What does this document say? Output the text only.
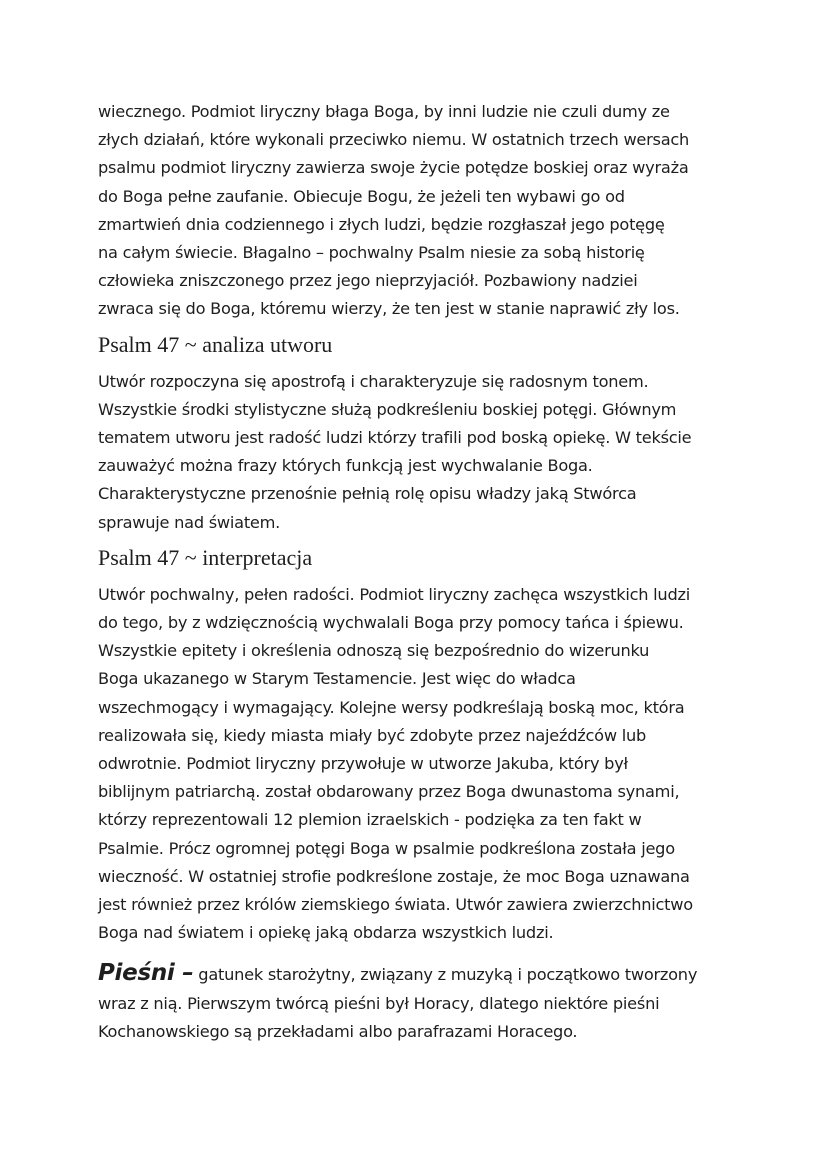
wiecznego. Podmiot liryczny błaga Boga, by inni ludzie nie czuli dumy ze
złych działań, które wykonali przeciwko niemu. W ostatnich trzech wersach
psalmu podmiot liryczny zawierza swoje życie potędze boskiej oraz wyraża
do Boga pełne zaufanie. Obiecuje Bogu, że jeżeli ten wybawi go od
zmartwień dnia codziennego i złych ludzi, będzie rozgłaszał jego potęgę
na całym świecie. Błagalno – pochwalny Psalm niesie za sobą historię
człowieka zniszczonego przez jego nieprzyjaciół. Pozbawiony nadziei
zwraca się do Boga, któremu wierzy, że ten jest w stanie naprawić zły los.

Psalm 47 ~ analiza utworu

Utwór rozpoczyna się apostrofą i charakteryzuje się radosnym tonem.
Wszystkie środki stylistyczne służą podkreśleniu boskiej potęgi. Głównym
tematem utworu jest radość ludzi którzy trafili pod boską opiekę. W tekście
zauważyć można frazy których funkcją jest wychwalanie Boga.
Charakterystyczne przenośnie pełnią rolę opisu władzy jaką Stwórca
sprawuje nad światem.

Psalm 47 ~ interpretacja

Utwór pochwalny, pełen radości. Podmiot liryczny zachęca wszystkich ludzi
do tego, by z wdzięcznością wychwalali Boga przy pomocy tańca i śpiewu.
Wszystkie epitety i określenia odnoszą się bezpośrednio do wizerunku
Boga ukazanego w Starym Testamencie. Jest więc do władca
wszechmogący i wymagający. Kolejne wersy podkreślają boską moc, która
realizowała się, kiedy miasta miały być zdobyte przez najeźdźców lub
odwrotnie. Podmiot liryczny przywołuje w utworze Jakuba, który był
biblijnym patriarchą. został obdarowany przez Boga dwunastoma synami,
którzy reprezentowali 12 plemion izraelskich - podzięka za ten fakt w
Psalmie. Prócz ogromnej potęgi Boga w psalmie podkreślona została jego
wieczność. W ostatniej strofie podkreślone zostaje, że moc Boga uznawana
jest również przez królów ziemskiego świata. Utwór zawiera zwierzchnictwo
Boga nad światem i opiekę jaką obdarza wszystkich ludzi.

Pieśni – gatunek starożytny, związany z muzyką i początkowo tworzony
wraz z nią. Pierwszym twórcą pieśni był Horacy, dlatego niektóre pieśni
Kochanowskiego są przekładami albo parafrazami Horacego.
